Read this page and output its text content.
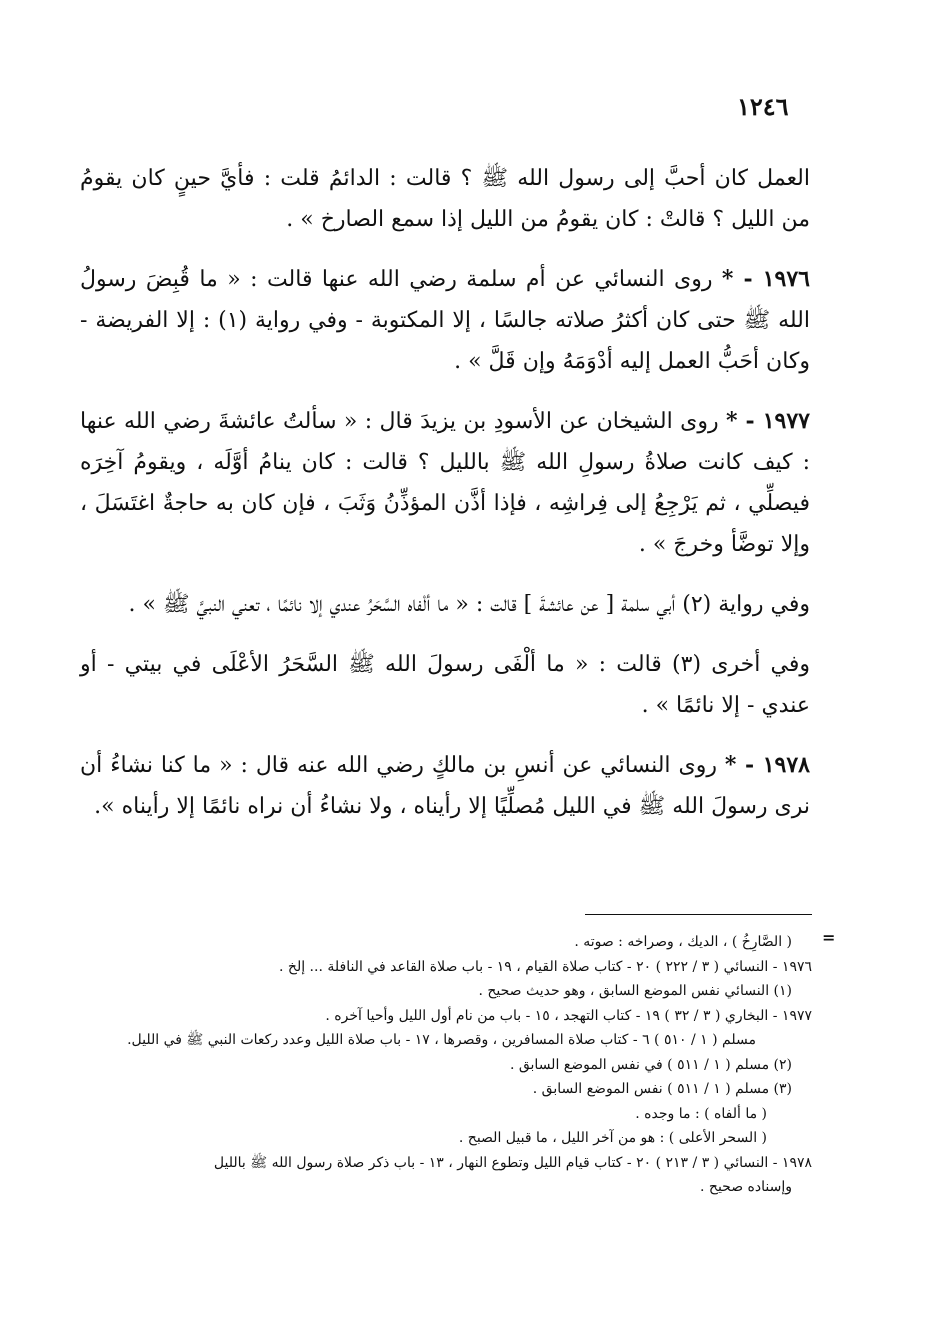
١٢٤٦

العمل كان أحبَّ إلى رسول الله ﷺ ؟ قالت : الدائمُ قلت : فأيَّ حينٍ كان يقومُ من الليل ؟ قالتْ : كان يقومُ من الليل إذا سمع الصارخ » .

١٩٧٦ - * روى النسائي عن أم سلمة رضي الله عنها قالت : « ما قُبِضَ رسولُ الله ﷺ حتى كان أكثرُ صلاته جالسًا ، إلا المكتوبة - وفي رواية (١) : إلا الفريضة - وكان أحَبُّ العمل إليه أدْوَمَهُ وإن قَلَّ » .

١٩٧٧ - * روى الشيخان عن الأسودِ بن يزيدَ قال : « سألتُ عائشةَ رضي الله عنها : كيف كانت صلاةُ رسولِ الله ﷺ بالليل ؟ قالت : كان ينامُ أوَّلَه ، ويقومُ آخِرَه فيصلِّي ، ثم يَرْجِعُ إلى فِراشِه ، فإذا أذَّن المؤذِّنُ وَثَبَ ، فإن كان به حاجةٌ اغتَسَلَ ، وإلا توضَّأ وخرجَ » .

وفي رواية (٢) أبي سلمة [ عن عائشةَ ] قالت : « ما ألْفاه السَّحَرُ عندي إلا نائمًا ، تعني النبيَّ ﷺ » .

وفي أخرى (٣) قالت : « ما ألْفَى رسولَ الله ﷺ السَّحَرُ الأعْلَى في بيتي - أو عندي - إلا نائمًا » .

١٩٧٨ - * روى النسائي عن أنسِ بن مالكٍ رضي الله عنه قال : « ما كنا نشاءُ أن نرى رسولَ الله ﷺ في الليل مُصلِّيًا إلا رأيناه ، ولا نشاءُ أن نراه نائمًا إلا رأيناه ».

=

( الصَّارِخُ ) ، الديك ، وصراخه : صوته .

١٩٧٦ - النسائي ( ٣ / ٢٢٢ ) ٢٠ - كتاب صلاة القيام ، ١٩ - باب صلاة القاعد في النافلة ... إلخ .

(١) النسائي نفس الموضع السابق ، وهو حديث صحيح .

١٩٧٧ - البخاري ( ٣ / ٣٢ ) ١٩ - كتاب التهجد ، ١٥ - باب من نام أول الليل وأحيا آخره .

مسلم ( ١ / ٥١٠ ) ٦ - كتاب صلاة المسافرين ، وقصرها ، ١٧ - باب صلاة الليل وعدد ركعات النبي ﷺ في الليل.

(٢) مسلم ( ١ / ٥١١ ) في نفس الموضع السابق .

(٣) مسلم ( ١ / ٥١١ ) نفس الموضع السابق .

( ما ألفاه ) : ما وجده .

( السحر الأعلى ) : هو من آخر الليل ، ما قبيل الصبح .

١٩٧٨ - النسائي ( ٣ / ٢١٣ ) ٢٠ - كتاب قيام الليل وتطوع النهار ، ١٣ - باب ذكر صلاة رسول الله ﷺ بالليل

وإسناده صحيح .
